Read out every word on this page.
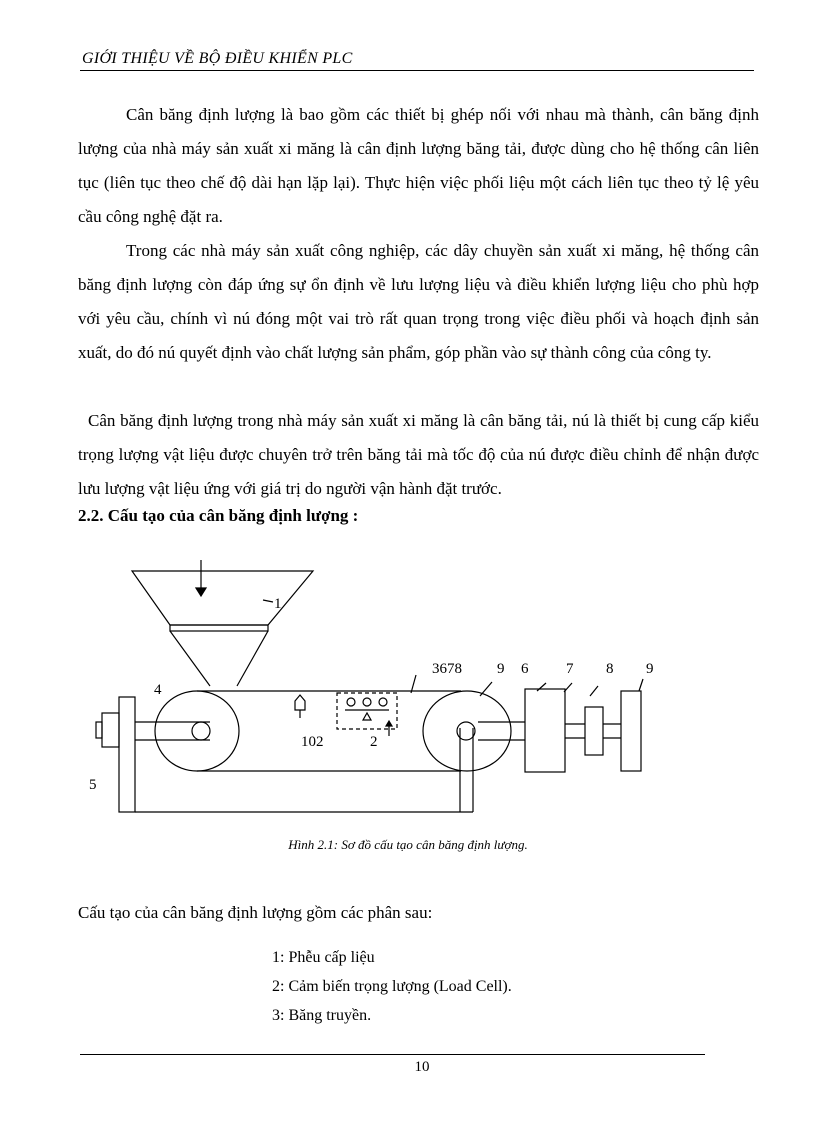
GIỚI THIỆU VỀ BỘ ĐIỀU KHIỂN PLC

Cân băng định lượng là bao gồm các thiết bị ghép nối với nhau mà thành, cân băng định lượng của nhà máy sản xuất xi măng là cân định lượng băng tải, được dùng cho hệ thống cân liên tục (liên tục theo chế độ dài hạn lặp lại). Thực hiện việc phối liệu một cách liên tục theo tỷ lệ yêu cầu công nghệ đặt ra.

Trong các nhà máy sản xuất công nghiệp, các dây chuyền sản xuất xi măng, hệ thống cân băng định lượng còn đáp ứng sự ổn định về lưu lượng liệu và điều khiển lượng liệu cho phù hợp với yêu cầu, chính vì nú đóng một vai trò rất quan trọng trong việc điều phối và hoạch định sản xuất, do đó nú quyết định vào chất lượng sản phẩm, góp phần vào sự thành công của công ty.

Cân băng định lượng trong nhà máy sản xuất xi măng là cân băng tải, nú là thiết bị cung cấp kiểu trọng lượng vật liệu được chuyên trở trên băng tải mà tốc độ của nú được điều chỉnh để nhận được lưu lượng vật liệu ứng với giá trị do người vận hành đặt trước.

2.2. Cấu tạo của cân băng định lượng :
1
3678 9 6	7 8 9
4
102	2
5
Hình 2.1: Sơ đồ cấu tạo cân băng định lượng.
Cấu tạo của cân băng định lượng gồm các phân sau:
1: Phễu cấp liệu
2: Cảm biến trọng lượng (Load Cell).
3: Băng truyền.
10
